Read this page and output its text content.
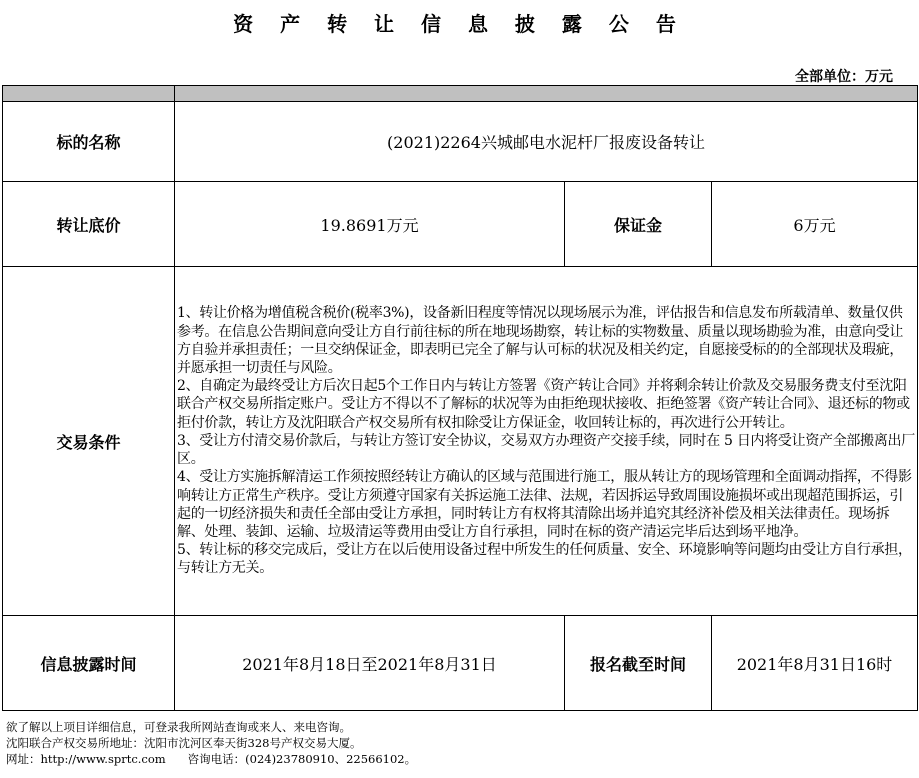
资 产 转 让 信 息 披 露 公 告
全部单位：万元

标的名称	(2021)2264兴城邮电水泥杆厂报废设备转让		
转让底价	19.8691万元	保证金	6万元
交易条件	1、转让价格为增值税含税价(税率3%)，设备新旧程度等情况以现场展示为准，评估报告和信息发布所载清单、数量仅供参考。在信息公告期间意向受让方自行前往标的所在地现场勘察，转让标的实物数量、质量以现场勘验为准，由意向受让方自验并承担责任；一旦交纳保证金，即表明已完全了解与认可标的状况及相关约定，自愿接受标的的全部现状及瑕疵，并愿承担一切责任与风险。

2、自确定为最终受让方后次日起5个工作日内与转让方签署《资产转让合同》并将剩余转让价款及交易服务费支付至沈阳联合产权交易所指定账户。受让方不得以不了解标的状况等为由拒绝现状接收、拒绝签署《资产转让合同》、退还标的物或拒付价款，转让方及沈阳联合产权交易所有权扣除受让方保证金，收回转让标的，再次进行公开转让。

3、受让方付清交易价款后，与转让方签订安全协议，交易双方办理资产交接手续，同时在 5 日内将受让资产全部搬离出厂区。

4、受让方实施拆解清运工作须按照经转让方确认的区域与范围进行施工，服从转让方的现场管理和全面调动指挥，不得影响转让方正常生产秩序。受让方须遵守国家有关拆运施工法律、法规，若因拆运导致周围设施损坏或出现超范围拆运，引起的一切经济损失和责任全部由受让方承担，同时转让方有权将其清除出场并追究其经济补偿及相关法律责任。现场拆解、处理、装卸、运输、垃圾清运等费用由受让方自行承担，同时在标的资产清运完毕后达到场平地净。

5、转让标的移交完成后，受让方在以后使用设备过程中所发生的任何质量、安全、环境影响等问题均由受让方自行承担，与转让方无关。		

信息披露时间	2021年8月18日至2021年8月31日	报名截至时间	2021年8月31日16时

欲了解以上项目详细信息，可登录我所网站查询或来人、来电咨询。

沈阳联合产权交易所地址：沈阳市沈河区奉天街328号产权交易大厦。

网址：http://www.sprtc.com      咨询电话：(024)23780910、22566102。
